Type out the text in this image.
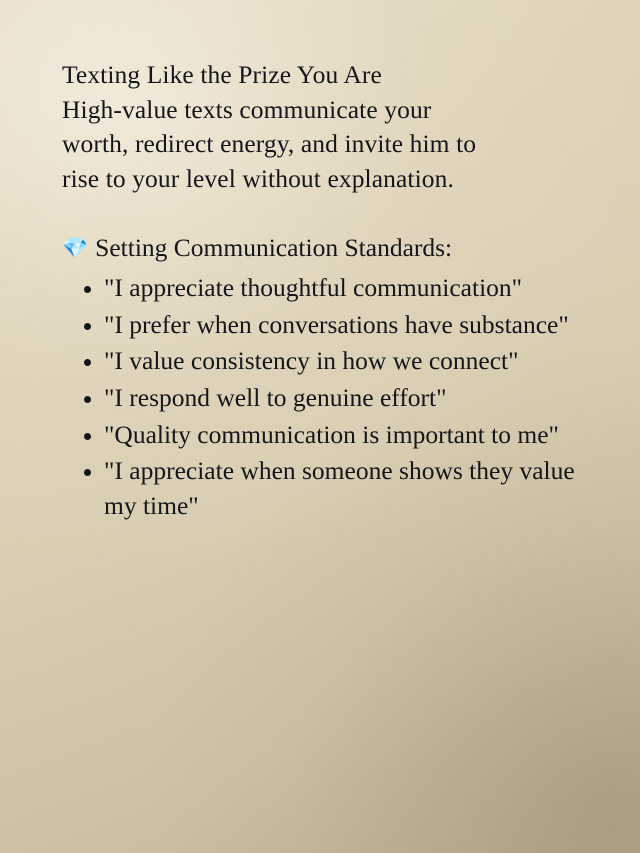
Texting Like the Prize You Are
High-value texts communicate your
worth, redirect energy, and invite him to
rise to your level without explanation.
💎 Setting Communication Standards:
"I appreciate thoughtful communication"
"I prefer when conversations have substance"
"I value consistency in how we connect"
"I respond well to genuine effort"
"Quality communication is important to me"
"I appreciate when someone shows they value my time"
